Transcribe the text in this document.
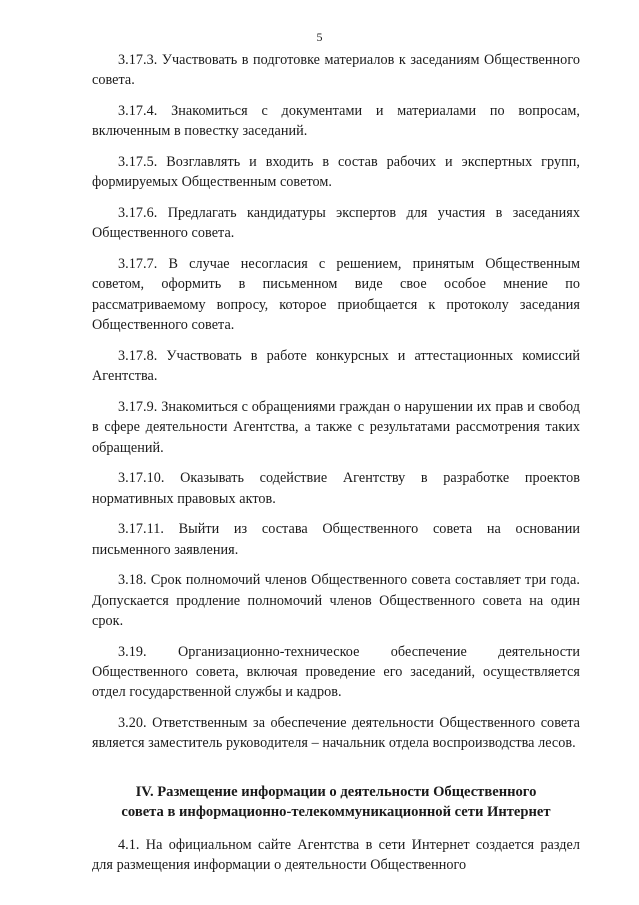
5

3.17.3. Участвовать в подготовке материалов к заседаниям Общественного совета.

3.17.4. Знакомиться с документами и материалами по вопросам, включенным в повестку заседаний.

3.17.5. Возглавлять и входить в состав рабочих и экспертных групп, формируемых Общественным советом.

3.17.6. Предлагать кандидатуры экспертов для участия в заседаниях Общественного совета.

3.17.7. В случае несогласия с решением, принятым Общественным советом, оформить в письменном виде свое особое мнение по рассматриваемому вопросу, которое приобщается к протоколу заседания Общественного совета.

3.17.8. Участвовать в работе конкурсных и аттестационных комиссий Агентства.

3.17.9. Знакомиться с обращениями граждан о нарушении их прав и свобод в сфере деятельности Агентства, а также с результатами рассмотрения таких обращений.

3.17.10. Оказывать содействие Агентству в разработке проектов нормативных правовых актов.

3.17.11. Выйти из состава Общественного совета на основании письменного заявления.

3.18. Срок полномочий членов Общественного совета составляет три года. Допускается продление полномочий членов Общественного совета на один срок.

3.19. Организационно-техническое обеспечение деятельности Общественного совета, включая проведение его заседаний, осуществляется отдел государственной службы и кадров.

3.20. Ответственным за обеспечение деятельности Общественного совета является заместитель руководителя – начальник отдела воспроизводства лесов.

IV. Размещение информации о деятельности Общественного
совета в информационно-телекоммуникационной сети Интернет

4.1. На официальном сайте Агентства в сети Интернет создается раздел для размещения информации о деятельности Общественного
